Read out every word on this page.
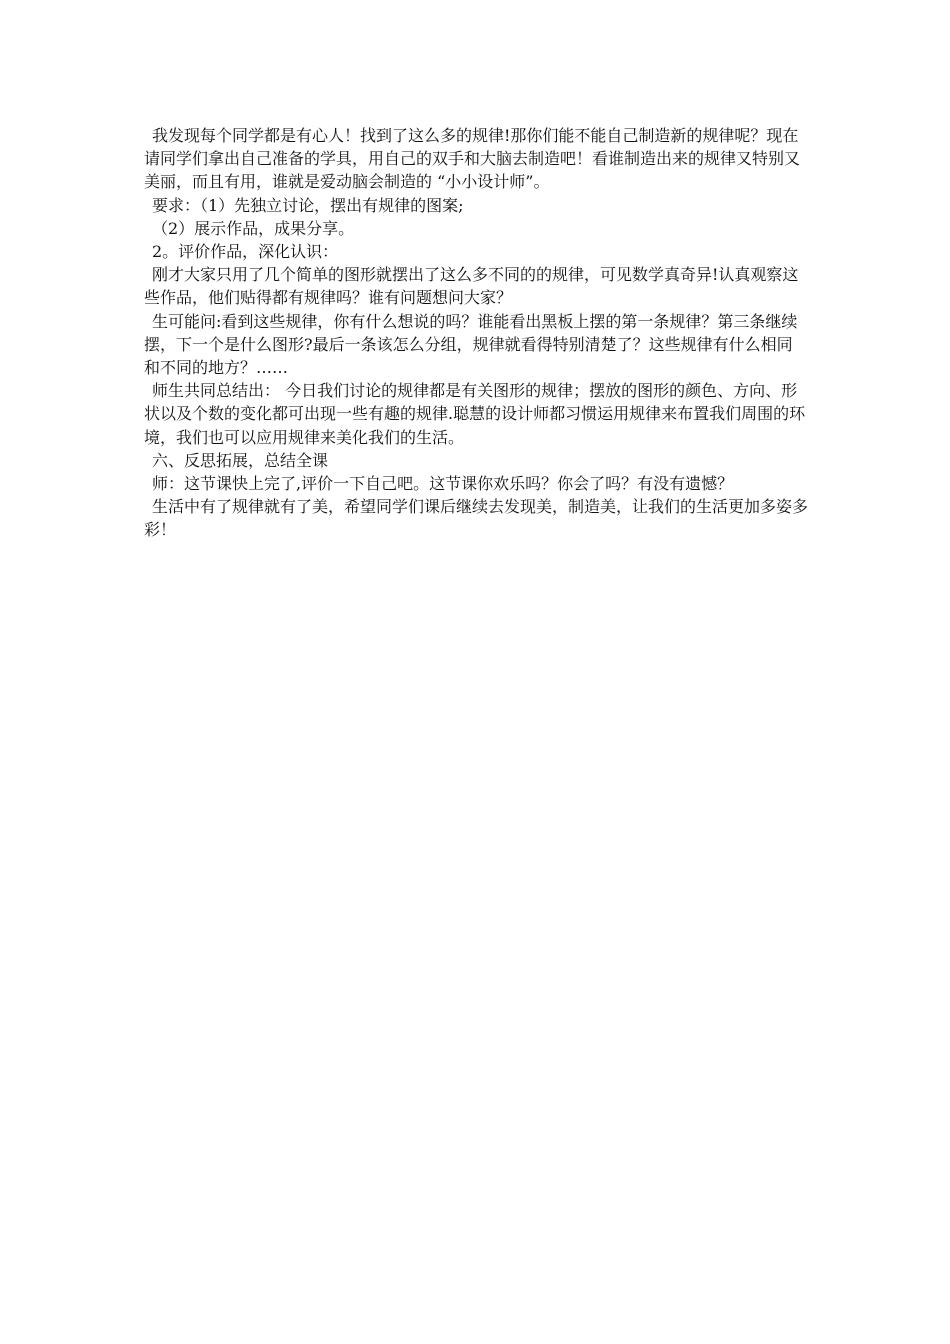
我发现每个同学都是有心人！找到了这么多的规律!那你们能不能自己制造新的规律呢？现在请同学们拿出自己准备的学具，用自己的双手和大脑去制造吧！看谁制造出来的规律又特别又美丽，而且有用，谁就是爱动脑会制造的 “小小设计师”。

要求：（1）先独立讨论，摆出有规律的图案;

（2）展示作品，成果分享。

2。评价作品，深化认识：

刚才大家只用了几个简单的图形就摆出了这么多不同的的规律，可见数学真奇异!认真观察这些作品，他们贴得都有规律吗？谁有问题想问大家？

生可能问:看到这些规律，你有什么想说的吗？谁能看出黑板上摆的第一条规律？第三条继续摆，下一个是什么图形?最后一条该怎么分组，规律就看得特别清楚了？这些规律有什么相同和不同的地方？……

师生共同总结出： 今日我们讨论的规律都是有关图形的规律；摆放的图形的颜色、方向、形状以及个数的变化都可出现一些有趣的规律.聪慧的设计师都习惯运用规律来布置我们周围的环境，我们也可以应用规律来美化我们的生活。

六、反思拓展，总结全课

师：这节课快上完了,评价一下自己吧。这节课你欢乐吗？你会了吗？有没有遗憾？

生活中有了规律就有了美，希望同学们课后继续去发现美，制造美，让我们的生活更加多姿多彩！
